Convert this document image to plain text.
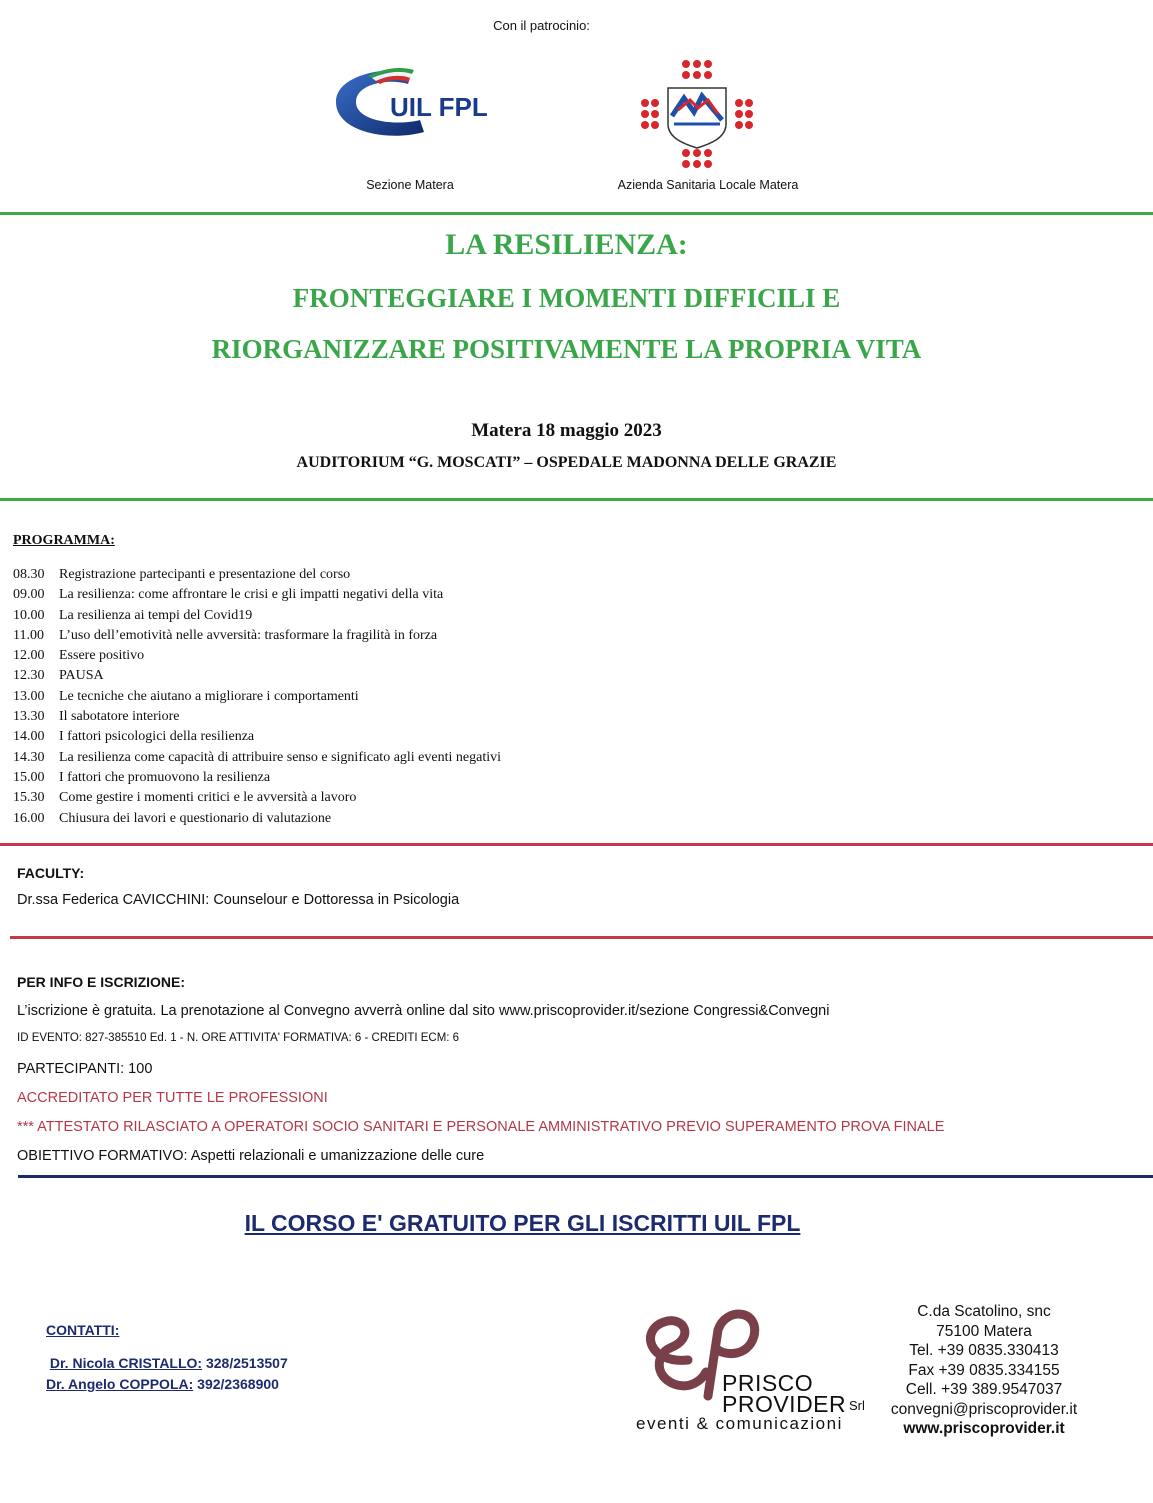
Con il patrocinio:
UIL FPL
Sezione Matera	Azienda Sanitaria Locale Matera
LA RESILIENZA:
FRONTEGGIARE I MOMENTI DIFFICILI E
RIORGANIZZARE POSITIVAMENTE LA PROPRIA VITA
Matera 18 maggio 2023
AUDITORIUM “G. MOSCATI” – OSPEDALE MADONNA DELLE GRAZIE
PROGRAMMA:
08.30 Registrazione partecipanti e presentazione del corso
09.00 La resilienza: come affrontare le crisi e gli impatti negativi della vita
10.00 La resilienza ai tempi del Covid19
11.00 L’uso dell’emotività nelle avversità: trasformare la fragilità in forza
12.00 Essere positivo
12.30 PAUSA
13.00 Le tecniche che aiutano a migliorare i comportamenti
13.30 Il sabotatore interiore
14.00 I fattori psicologici della resilienza
14.30 La resilienza come capacità di attribuire senso e significato agli eventi negativi
15.00 I fattori che promuovono la resilienza
15.30 Come gestire i momenti critici e le avversità a lavoro
16.00 Chiusura dei lavori e questionario di valutazione
FACULTY:
Dr.ssa Federica CAVICCHINI: Counselour e Dottoressa in Psicologia
PER INFO E ISCRIZIONE:
L’iscrizione è gratuita. La prenotazione al Convegno avverrà online dal sito www.priscoprovider.it/sezione Congressi&Convegni
ID EVENTO: 827-385510 Ed. 1 - N. ORE ATTIVITA' FORMATIVA: 6 - CREDITI ECM: 6
PARTECIPANTI: 100
ACCREDITATO PER TUTTE LE PROFESSIONI
*** ATTESTATO RILASCIATO A OPERATORI SOCIO SANITARI E PERSONALE AMMINISTRATIVO PREVIO SUPERAMENTO PROVA FINALE
OBIETTIVO FORMATIVO: Aspetti relazionali e umanizzazione delle cure
IL CORSO E' GRATUITO PER GLI ISCRITTI UIL FPL
CONTATTI:
Dr. Nicola CRISTALLO: 328/2513507
Dr. Angelo COPPOLA: 392/2368900	PRISCO
PROVIDER Srl
eventi & comunicazioni
C.da Scatolino, snc
75100 Matera
Tel. +39 0835.330413
Fax +39 0835.334155
Cell. +39 389.9547037
convegni@priscoprovider.it
www.priscoprovider.it
